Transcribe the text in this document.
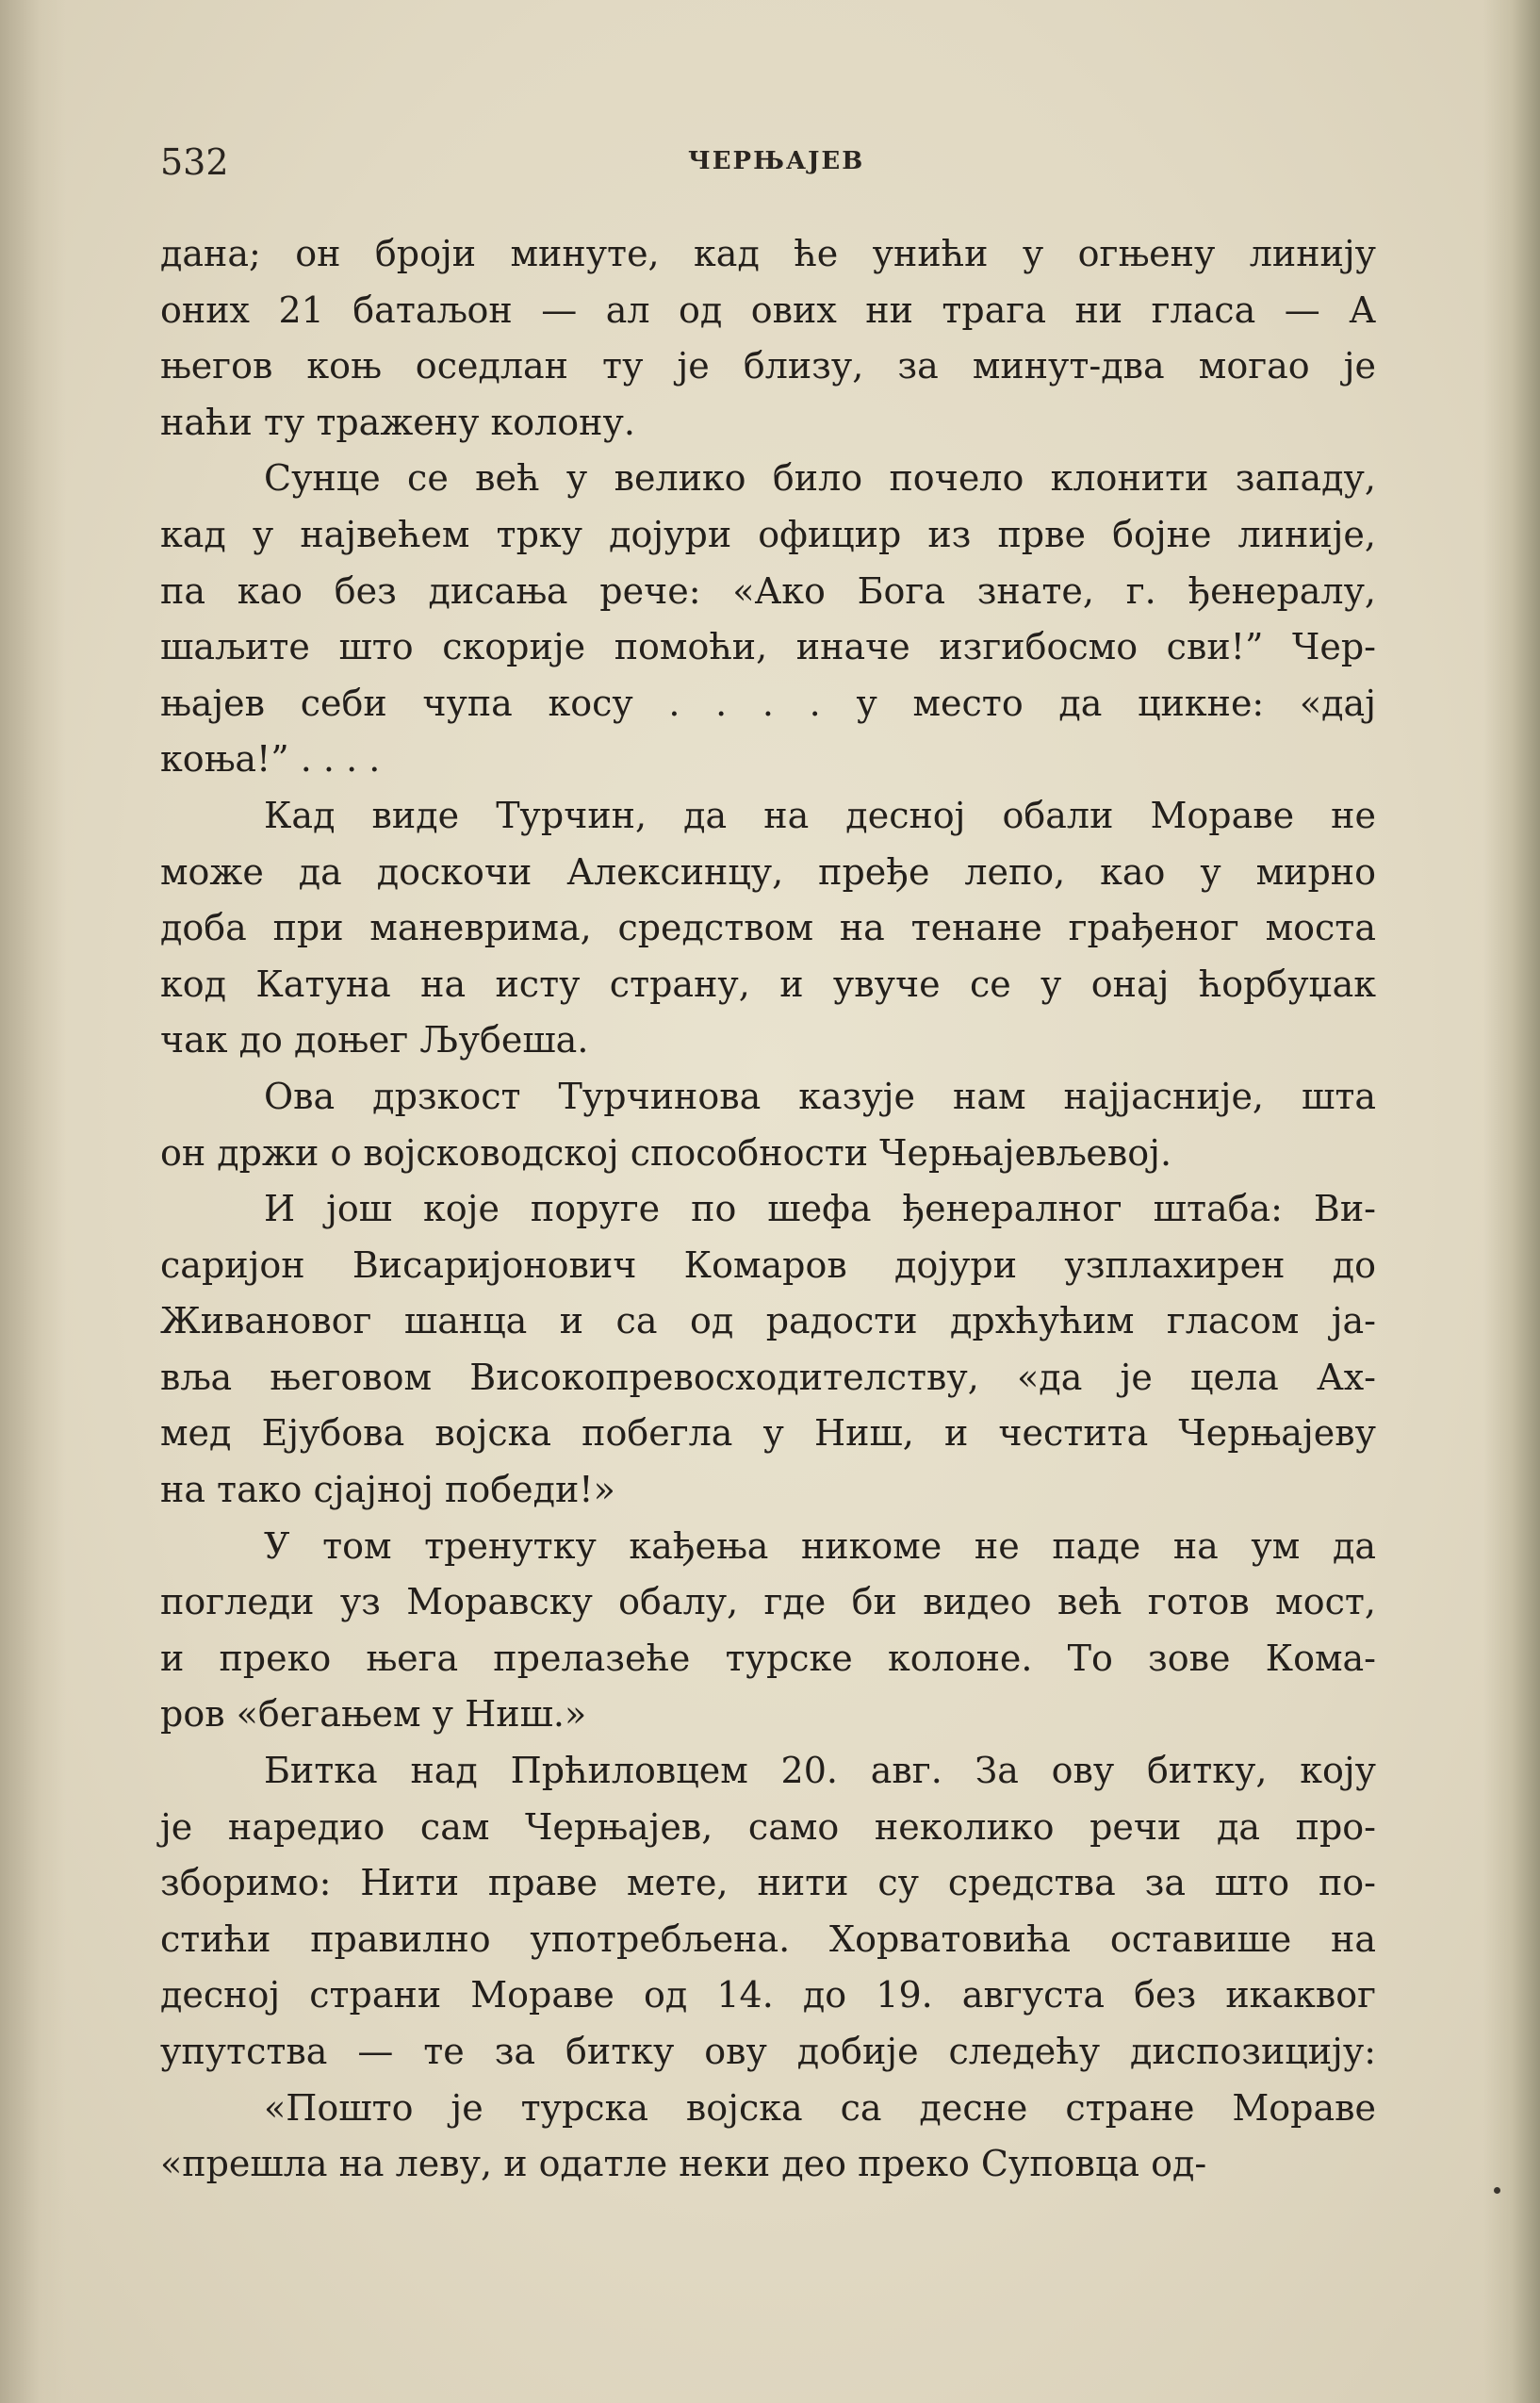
532	ЧЕРЊАЈЕВ
дана; он броји минуте, кад ће унићи у огњену линију
оних 21 батаљон — ал од ових ни трага ни гласа — А
његов коњ оседлан ту је близу, за минут-два могао је
наћи ту тражену колону.
Сунце се већ у велико било почело клонити западу,
кад у највећем трку дојури официр из прве бојне линије,
па као без дисања рече: «Ако Бога знате, г. ђенералу,
шаљите што скорије помоћи, иначе изгибосмо сви!” Чер-
њајев себи чупа косу . . . . у место да цикне: «дај
коња!” . . . .
Кад виде Турчин, да на десној обали Мораве не
може да доскочи Алексинцу, пређе лепо, као у мирно
доба при маневрима, средством на тенане грађеног моста
код Катуна на исту страну, и увуче се у онај ћорбуџак
чак до доњег Љубеша.
Ова дрзкост Турчинова казује нам најјасније, шта
он држи о војсководској способности Черњајевљевој.
И још које поруге по шефа ђенералног штаба: Ви-
саријон Висаријонович Комаров дојури узплахирен до
Живановог шанца и са од радости дрхћућим гласом ја-
вља његовом Високопревосходителству, «да је цела Ах-
мед Ејубова војска побегла у Ниш, и честита Черњајеву
на тако сјајној победи!»
У том тренутку кађења никоме не паде на ум да
погледи уз Моравску обалу, где би видео већ готов мост,
и преко њега прелазеће турске колоне. То зове Кома-
ров «бегањем у Ниш.»
Битка над Прћиловцем 20. авг. За ову битку, коју
је наредио сам Черњајев, само неколико речи да про-
зборимо: Нити праве мете, нити су средства за што по-
стићи правилно употребљена. Хорватовића оставише на
десној страни Мораве од 14. до 19. августа без икаквог
упутства — те за битку ову добије следећу диспозицију:
«Пошто је турска војска са десне стране Мораве
«прешла на леву, и одатле неки део преко Суповца од-
